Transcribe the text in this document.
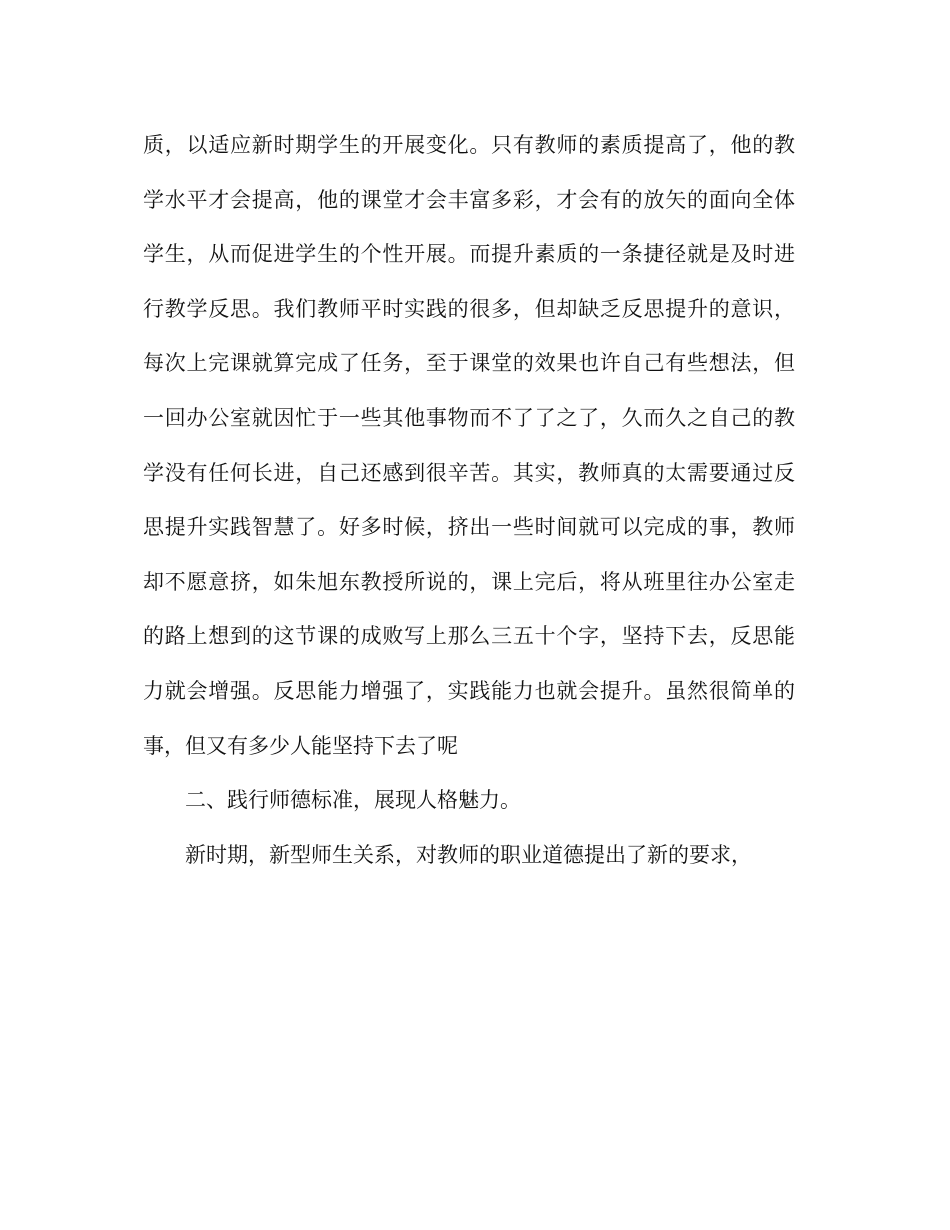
质，以适应新时期学生的开展变化。只有教师的素质提高了，他的教
学水平才会提高，他的课堂才会丰富多彩，才会有的放矢的面向全体
学生，从而促进学生的个性开展。而提升素质的一条捷径就是及时进
行教学反思。我们教师平时实践的很多，但却缺乏反思提升的意识，
每次上完课就算完成了任务，至于课堂的效果也许自己有些想法，但
一回办公室就因忙于一些其他事物而不了了之了，久而久之自己的教
学没有任何长进，自己还感到很辛苦。其实，教师真的太需要通过反
思提升实践智慧了。好多时候，挤出一些时间就可以完成的事，教师
却不愿意挤，如朱旭东教授所说的，课上完后，将从班里往办公室走
的路上想到的这节课的成败写上那么三五十个字，坚持下去，反思能
力就会增强。反思能力增强了，实践能力也就会提升。虽然很简单的
事，但又有多少人能坚持下去了呢
二、践行师德标准，展现人格魅力。
新时期，新型师生关系，对教师的职业道德提出了新的要求，
